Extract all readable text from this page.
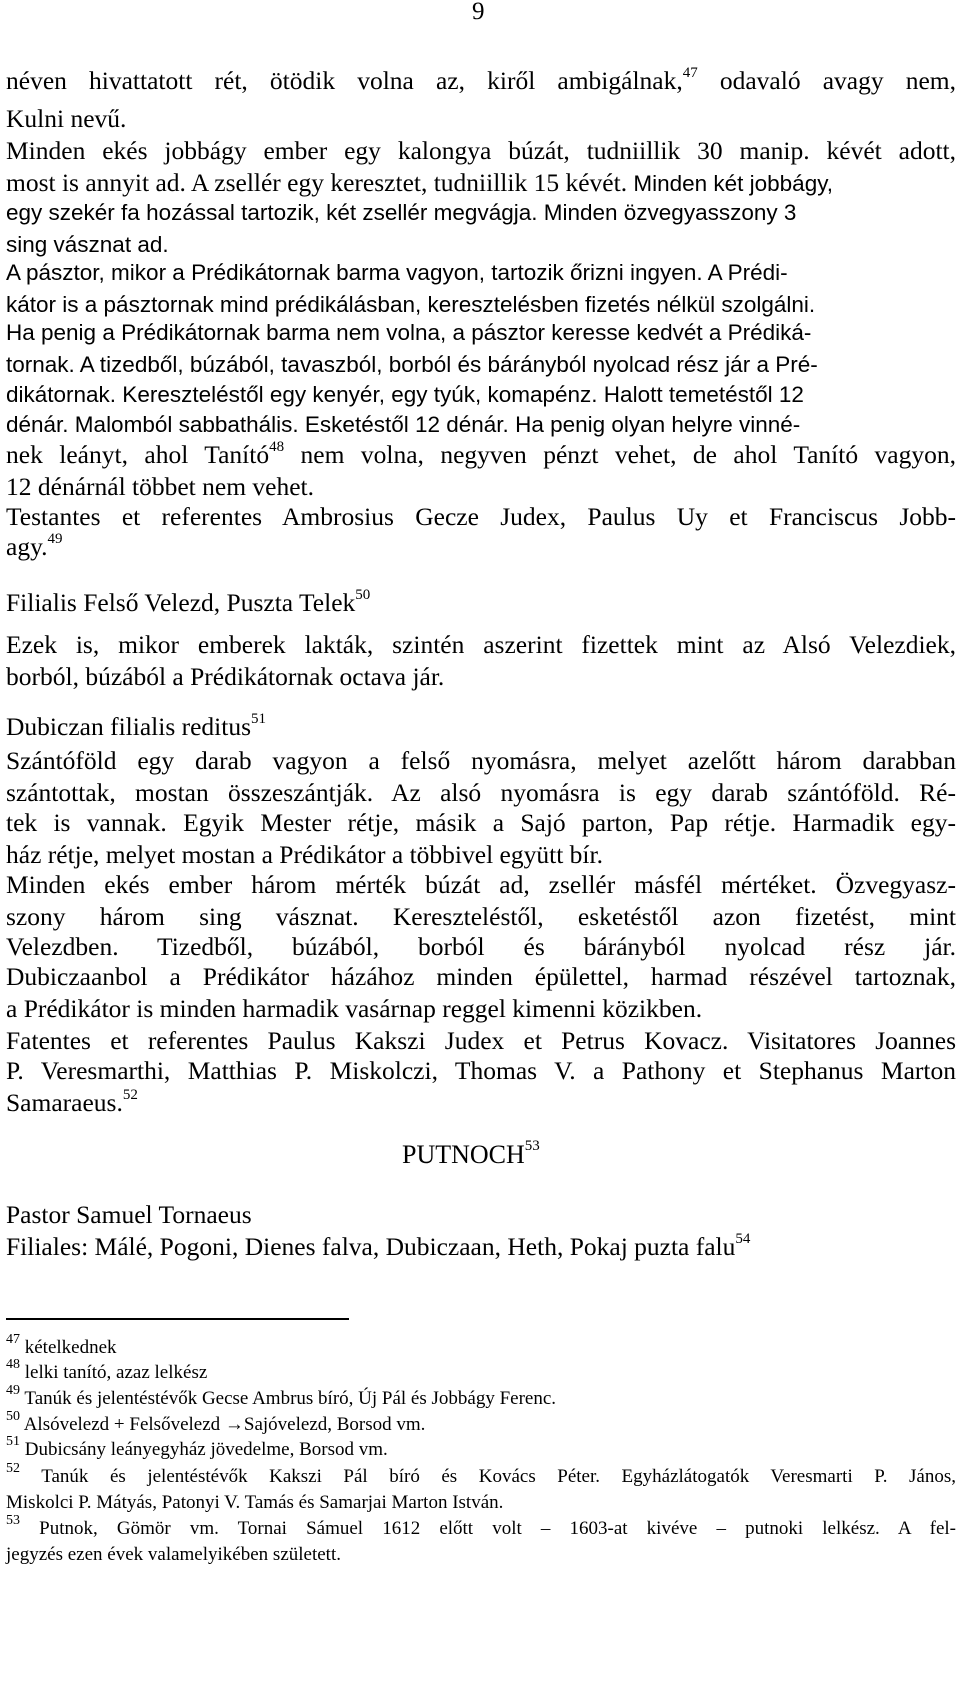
9
néven hivattatott rét, ötödik volna az, kiről ambigálnak,$^{47}$ odavaló avagy nem,
Kulni nevű.
Minden ekés jobbágy ember egy kalongya búzát, tudniillik 30 manip. kévét adott,
most is annyit ad. A zsellér egy keresztet, tudniillik 15 kévét. Minden két jobbágy,
egy szekér fa hozással tartozik, két zsellér megvágja. Minden özvegyasszony 3
sing vásznat ad.
A pásztor, mikor a Prédikátornak barma vagyon, tartozik őrizni ingyen. A Prédi-
kátor is a pásztornak mind prédikálásban, keresztelésben fizetés nélkül szolgálni.
Ha penig a Prédikátornak barma nem volna, a pásztor keresse kedvét a Prédiká-
tornak. A tizedből, búzából, tavaszból, borból és bárányból nyolcad rész jár a Pré-
dikátornak. Kereszteléstől egy kenyér, egy tyúk, komapénz. Halott temetéstől 12
dénár. Malomból sabbathális. Esketéstől 12 dénár. Ha penig olyan helyre vinné-
nek leányt, ahol Tanító$^{48}$ nem volna, negyven pénzt vehet, de ahol Tanító vagyon,
12 dénárnál többet nem vehet.
Testantes et referentes Ambrosius Gecze Judex, Paulus Uy et Franciscus Jobb-
agy.$^{49}$
Filialis Felső Velezd, Puszta Telek$^{50}$
Ezek is, mikor emberek lakták, szintén aszerint fizettek mint az Alsó Velezdiek,
borból, búzából a Prédikátornak octava jár.
Dubiczan filialis reditus$^{51}$
Szántóföld egy darab vagyon a felső nyomásra, melyet azelőtt három darabban
szántottak, mostan összeszántják. Az alsó nyomásra is egy darab szántóföld. Ré-
tek is vannak. Egyik Mester rétje, másik a Sajó parton, Pap rétje. Harmadik egy-
ház rétje, melyet mostan a Prédikátor a többivel együtt bír.
Minden ekés ember három mérték búzát ad, zsellér másfél mértéket. Özvegyasz-
szony három sing vásznat. Kereszteléstől, esketéstől azon fizetést, mint
Velezdben. Tizedből, búzából, borból és bárányból nyolcad rész jár.
Dubiczaanbol a Prédikátor házához minden épülettel, harmad részével tartoznak,
a Prédikátor is minden harmadik vasárnap reggel kimenni közikben.
Fatentes et referentes Paulus Kakszi Judex et Petrus Kovacz. Visitatores Joannes
P. Veresmarthi, Matthias P. Miskolczi, Thomas V. a Pathony et Stephanus Marton
Samaraeus.$^{52}$
PUTNOCH$^{53}$
Pastor Samuel Tornaeus
Filiales: Málé, Pogoni, Dienes falva, Dubiczaan, Heth, Pokaj puzta falu$^{54}$
$^{47}$ kételkednek
$^{48}$ lelki tanító, azaz lelkész
$^{49}$ Tanúk és jelentéstévők Gecse Ambrus bíró, Új Pál és Jobbágy Ferenc.
$^{50}$ Alsóvelezd + Felsővelezd →Sajóvelezd, Borsod vm.
$^{51}$ Dubicsány leányegyház jövedelme, Borsod vm.
$^{52}$ Tanúk és jelentéstévők Kakszi Pál bíró és Kovács Péter. Egyházlátogatók Veresmarti P. János,
Miskolci P. Mátyás, Patonyi V. Tamás és Samarjai Marton István.
$^{53}$ Putnok, Gömör vm. Tornai Sámuel 1612 előtt volt – 1603-at kivéve – putnoki lelkész. A fel-
jegyzés ezen évek valamelyikében született.
